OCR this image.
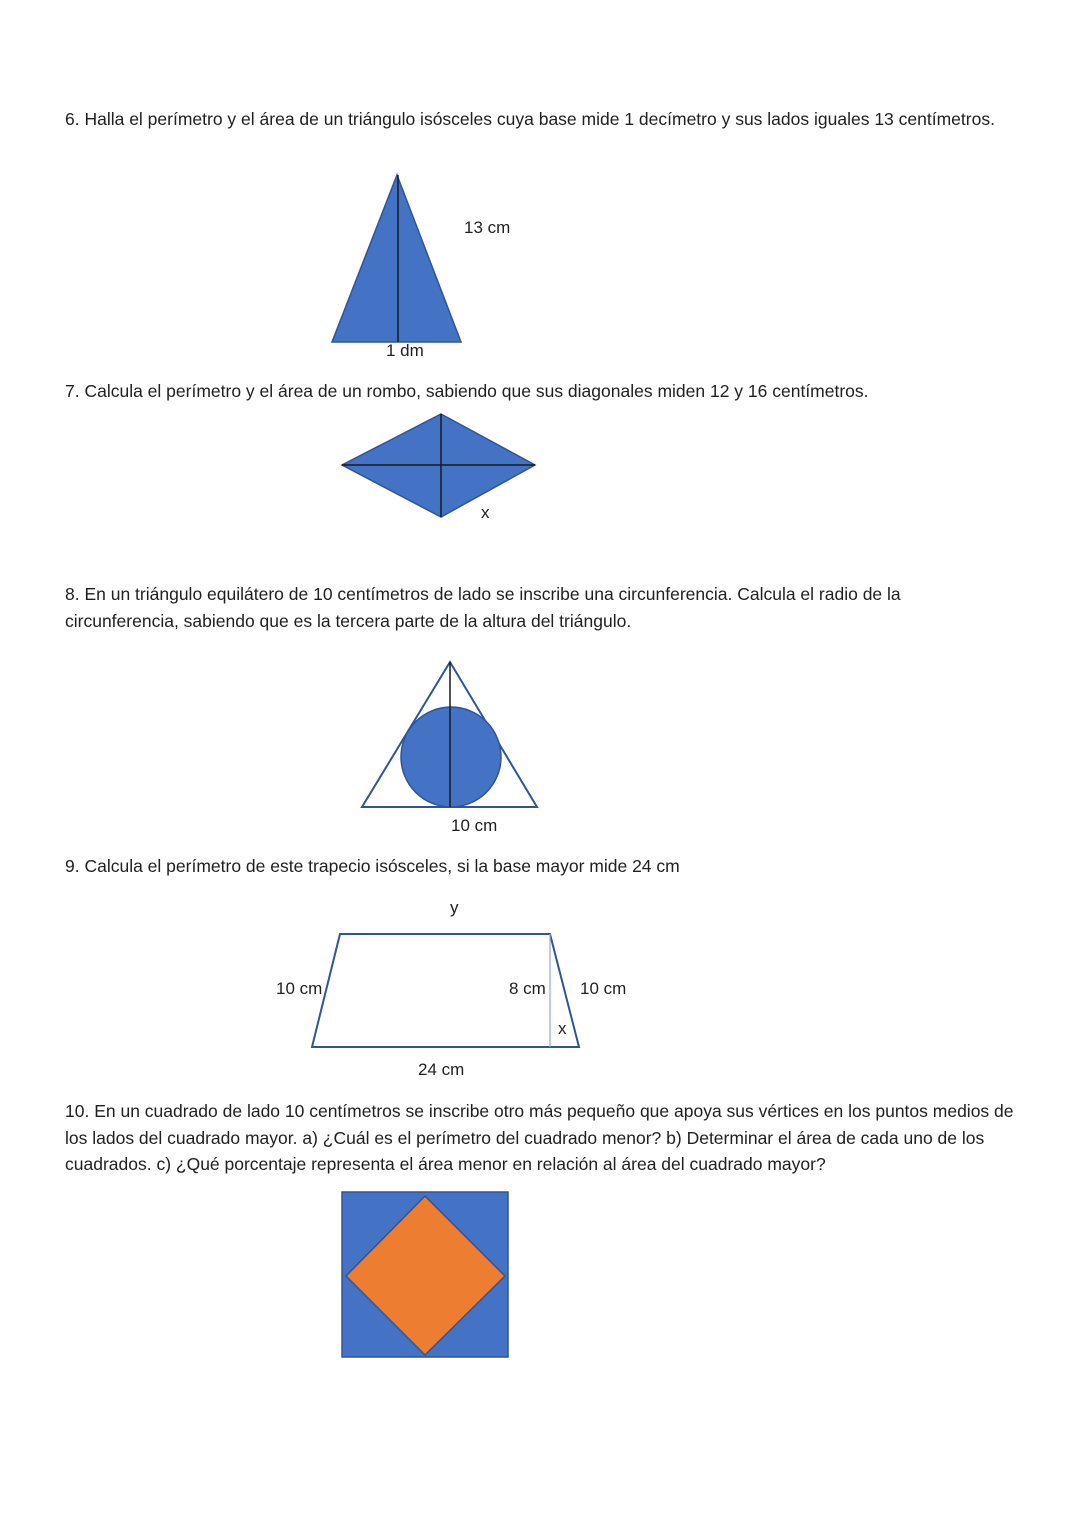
6. Halla el perímetro y el área de un triángulo isósceles cuya base mide 1 decímetro y sus lados iguales 13 centímetros.

13 cm
1 dm

7. Calcula el perímetro y el área de un rombo, sabiendo que sus diagonales miden 12 y 16 centímetros.

x

8. En un triángulo equilátero de 10 centímetros de lado se inscribe una circunferencia. Calcula el radio de la circunferencia, sabiendo que es la tercera parte de la altura del triángulo.

10 cm

9. Calcula el perímetro de este trapecio isósceles, si la base mayor mide 24 cm

y
10 cm	8 cm 10 cm
x
24 cm

10. En un cuadrado de lado 10 centímetros se inscribe otro más pequeño que apoya sus vértices en los puntos medios de los lados del cuadrado mayor. a) ¿Cuál es el perímetro del cuadrado menor? b) Determinar el área de cada uno de los cuadrados. c) ¿Qué porcentaje representa el área menor en relación al área del cuadrado mayor?
